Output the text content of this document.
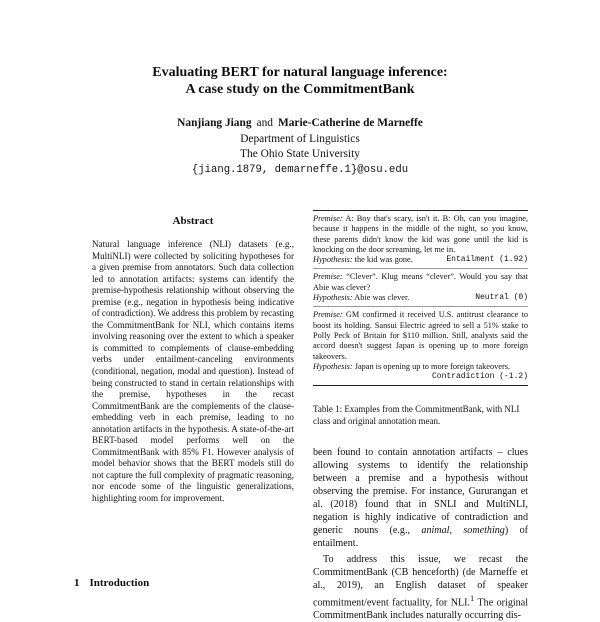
Evaluating BERT for natural language inference:
A case study on the CommitmentBank
Nanjiang Jiang and Marie-Catherine de Marneffe
Department of Linguistics
The Ohio State University
{jiang.1879, demarneffe.1}@osu.edu
Abstract

Natural language inference (NLI) datasets (e.g., MultiNLI) were collected by soliciting hypotheses for a given premise from annotators. Such data collection led to annotation artifacts: systems can identify the premise-hypothesis relationship without observing the premise (e.g., negation in hypothesis being indicative of contradiction). We address this problem by recasting the CommitmentBank for NLI, which contains items involving reasoning over the extent to which a speaker is committed to complements of clause-embedding verbs under entailment-canceling environments (conditional, negation, modal and question). Instead of being constructed to stand in certain relationships with the premise, hypotheses in the recast CommitmentBank are the complements of the clause-embedding verb in each premise, leading to no annotation artifacts in the hypothesis. A state-of-the-art BERT-based model performs well on the CommitmentBank with 85% F1. However analysis of model behavior shows that the BERT models still do not capture the full complexity of pragmatic reasoning, nor encode some of the linguistic generalizations, highlighting room for improvement.

1 Introduction
Premise: A: Boy that's scary, isn't it. B: Oh, can you imagine, because it happens in the middle of the night, so you know, these parents didn't know the kid was gone until the kid is knocking on the door screaming, let me in.
Hypothesis: the kid was gone.	Entailment (1.92)
Premise: “Clever”. Klug means “clever”. Would you say that Abie was clever?
Hypothesis: Abie was clever.	Neutral (0)
Premise: GM confirmed it received U.S. antitrust clearance to boost its holding. Sansui Electric agreed to sell a 51% stake to Polly Peck of Britain for $110 million. Still, analysts said the accord doesn't suggest Japan is opening up to more foreign takeovers.
Hypothesis: Japan is opening up to more foreign takeovers.
Contradiction (-1.2)
Table 1: Examples from the CommitmentBank, with NLI class and original annotation mean.

been found to contain annotation artifacts – clues allowing systems to identify the relationship between a premise and a hypothesis without observing the premise. For instance, Gururangan et al. (2018) found that in SNLI and MultiNLI, negation is highly indicative of contradiction and generic nouns (e.g., animal, something) of entailment.

To address this issue, we recast the CommitmentBank (CB henceforth) (de Marneffe et al., 2019), an English dataset of speaker commitment/event factuality, for NLI.$^1$ The original CommitmentBank includes naturally occurring dis-
